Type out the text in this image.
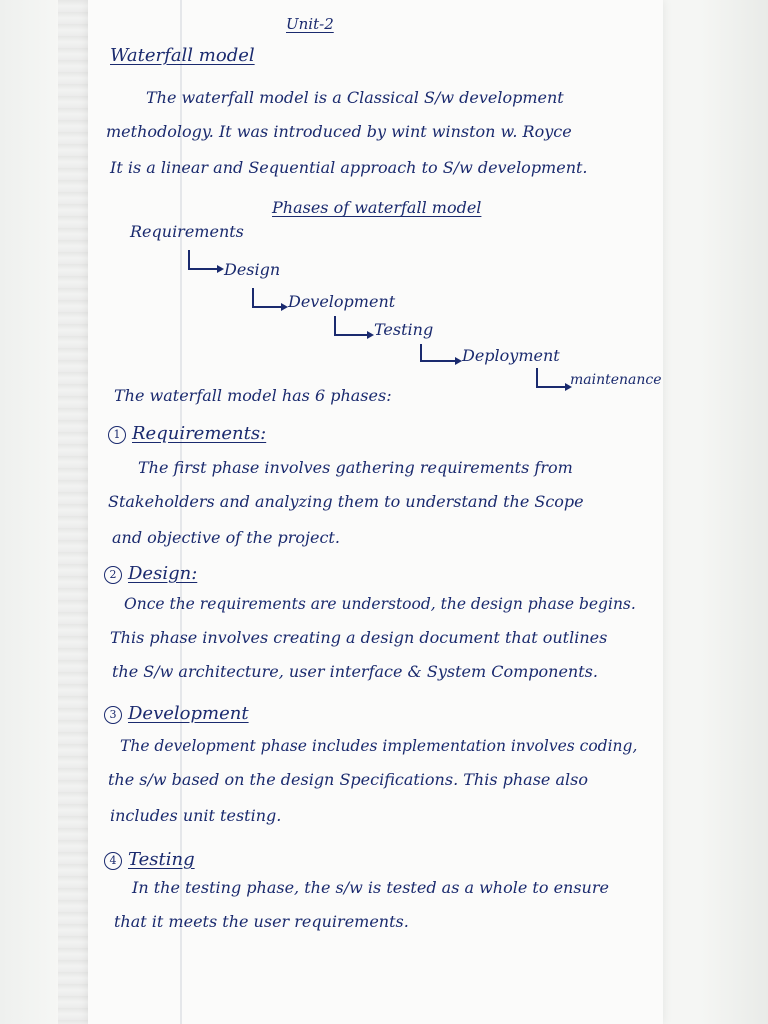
Unit-2
Waterfall model
The waterfall model is a Classical S/w development
methodology. It was introduced by wint winston w. Royce
It is a linear and Sequential approach to S/w development.
Phases of waterfall model
Requirements
Design
Development
Testing
Deployment
maintenance
The waterfall model has 6 phases:
1 Requirements:
The first phase involves gathering requirements from
Stakeholders and analyzing them to understand the Scope
and objective of the project.
2 Design:
Once the requirements are understood, the design phase begins.
This phase involves creating a design document that outlines
the S/w architecture, user interface & System Components.
3 Development
The development phase includes implementation involves coding,
the s/w based on the design Specifications. This phase also
includes unit testing.
4 Testing
In the testing phase, the s/w is tested as a whole to ensure
that it meets the user requirements.
